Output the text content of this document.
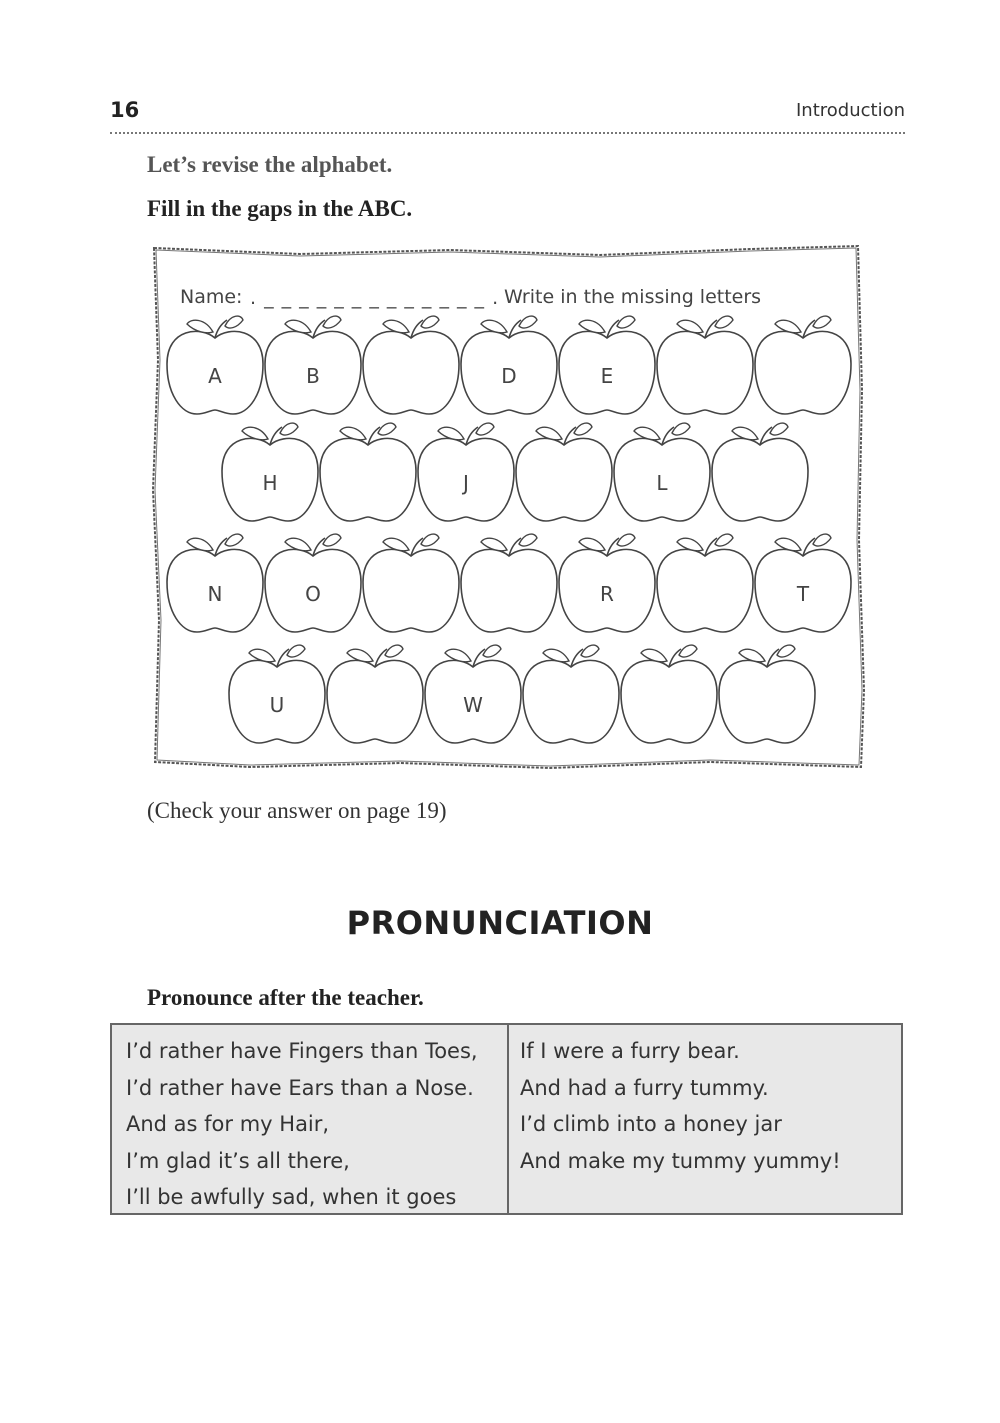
16	Introduction
Let’s revise the alphabet.
Fill in the gaps in the ABC.
Name: . _ _ _ _ _ _ _ _ _ _ _ _ _ . Write in the missing letters
A	B	D	E
H	J	L
N	O	R	T
U	W
(Check your answer on page 19)
PRONUNCIATION
Pronounce after the teacher.
I’d rather have Fingers than Toes,
I’d rather have Ears than a Nose.
And as for my Hair,
I’m glad it’s all there,
I’ll be awfully sad, when it goes
If I were a furry bear.
And had a furry tummy.
I’d climb into a honey jar
And make my tummy yummy!
